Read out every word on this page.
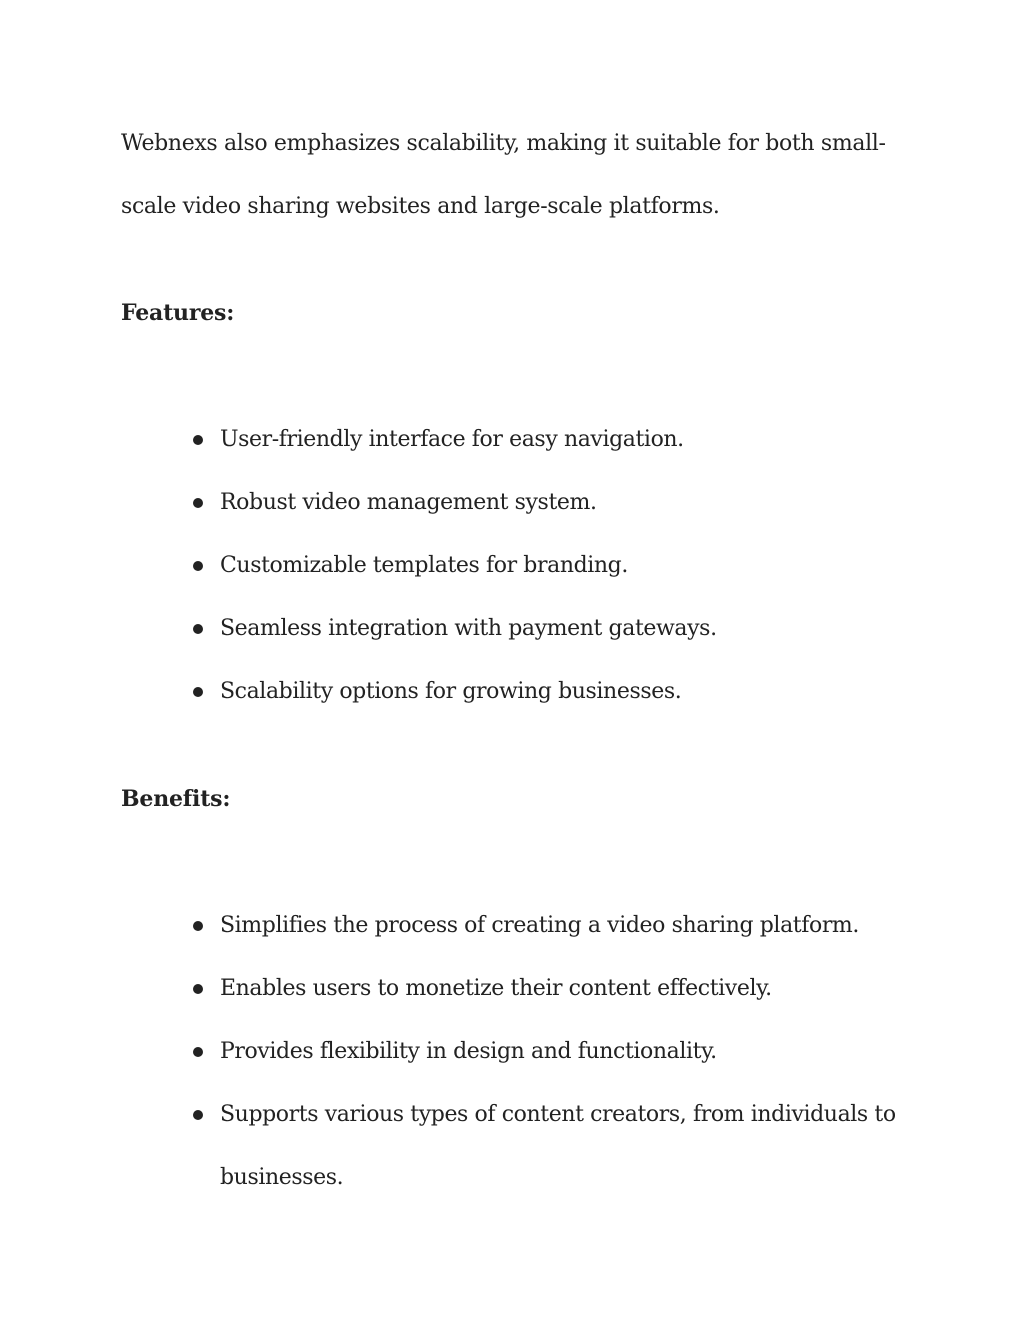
Webnexs also emphasizes scalability, making it suitable for both small-scale video sharing websites and large-scale platforms.

Features:
User-friendly interface for easy navigation.
Robust video management system.
Customizable templates for branding.
Seamless integration with payment gateways.
Scalability options for growing businesses.
Benefits:
Simplifies the process of creating a video sharing platform.
Enables users to monetize their content effectively.
Provides flexibility in design and functionality.
Supports various types of content creators, from individuals to businesses.
